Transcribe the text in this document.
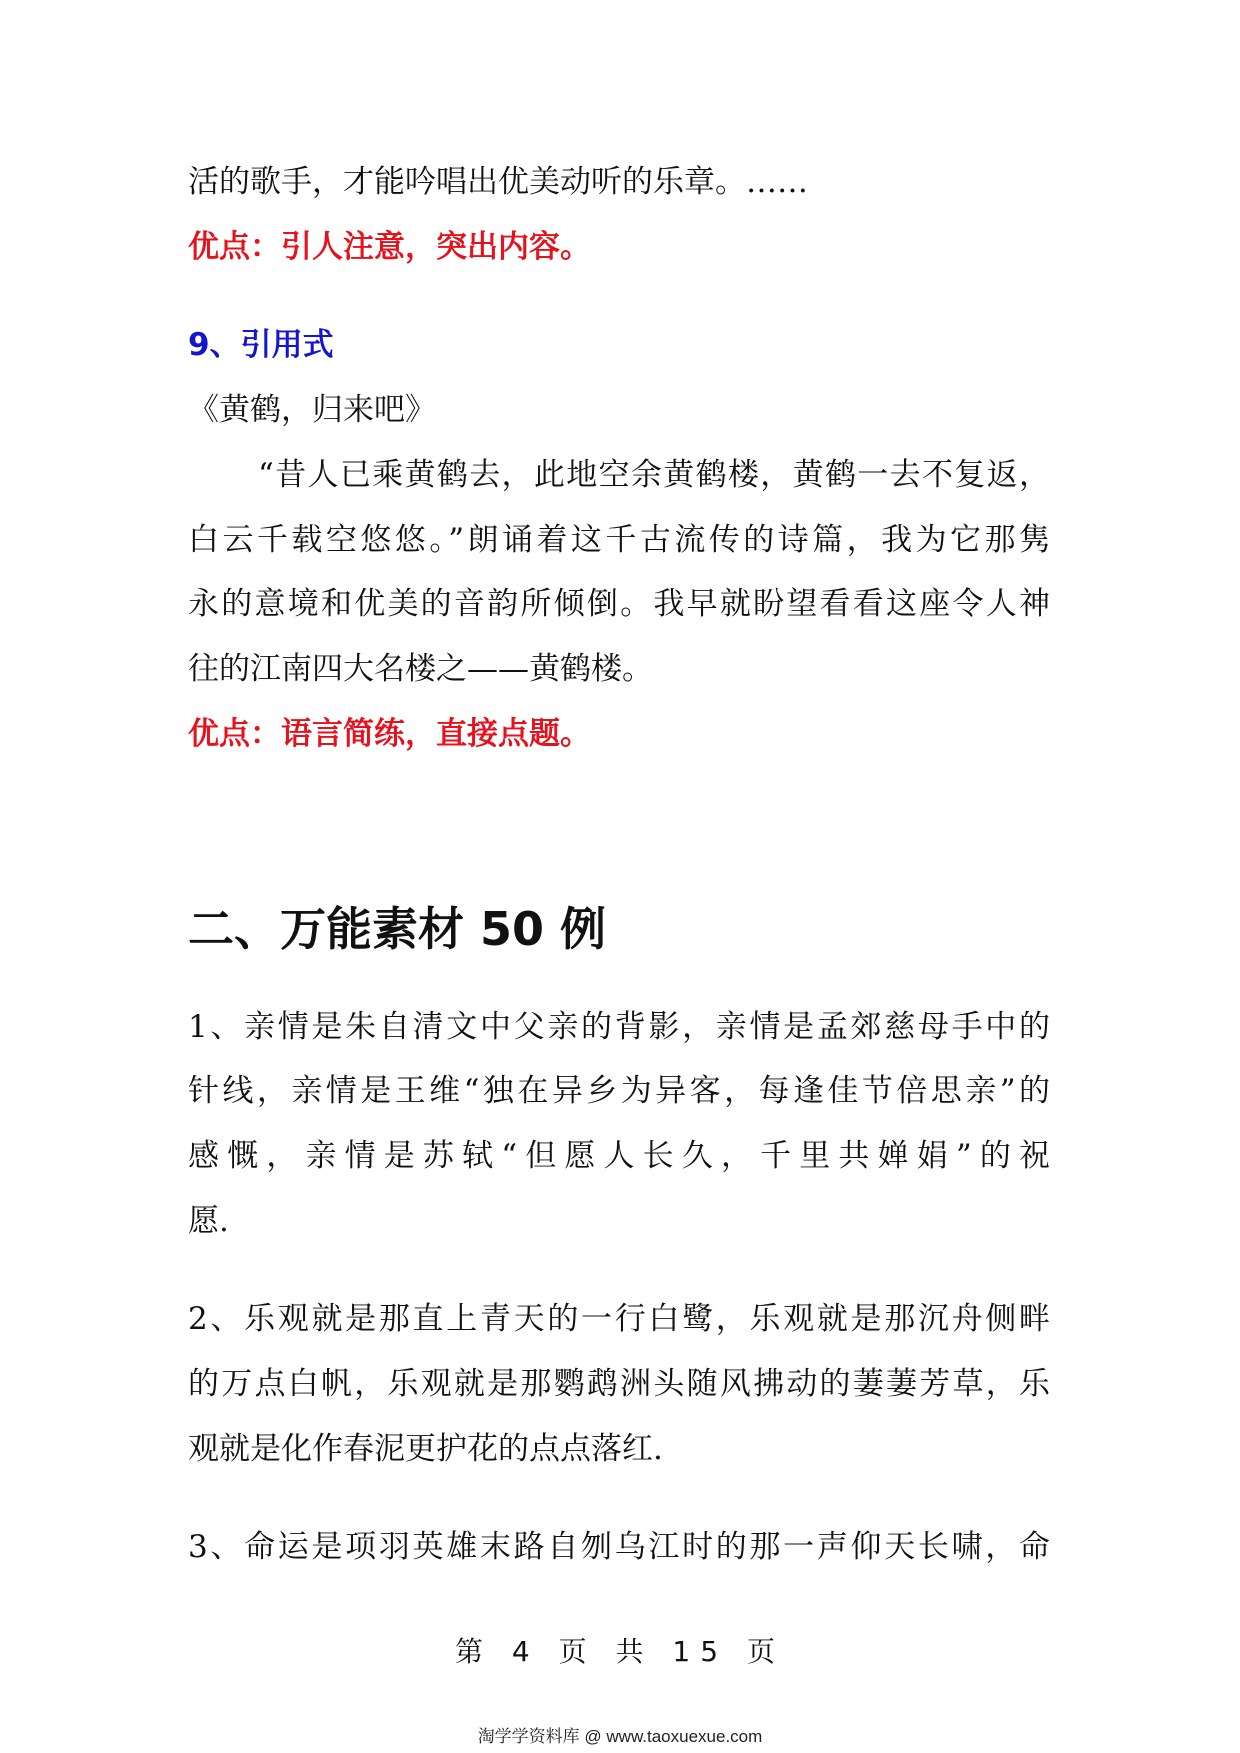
活的歌手，才能吟唱出优美动听的乐章。……
优点：引人注意，突出内容。
9、引用式
《黄鹤，归来吧》
“昔人已乘黄鹤去，此地空余黄鹤楼，黄鹤一去不复返，
白云千载空悠悠。”朗诵着这千古流传的诗篇，我为它那隽
永的意境和优美的音韵所倾倒。我早就盼望看看这座令人神
往的江南四大名楼之——黄鹤楼。
优点：语言简练，直接点题。
二、万能素材 50 例
1、亲情是朱自清文中父亲的背影，亲情是孟郊慈母手中的
针线，亲情是王维“独在异乡为异客，每逢佳节倍思亲”的
感慨，亲情是苏轼“但愿人长久，千里共婵娟”的祝
愿.
2、乐观就是那直上青天的一行白鹭，乐观就是那沉舟侧畔
的万点白帆，乐观就是那鹦鹉洲头随风拂动的萋萋芳草，乐
观就是化作春泥更护花的点点落红.
3、命运是项羽英雄末路自刎乌江时的那一声仰天长啸，命
第 4 页 共 15 页
淘学学资料库 @ www.taoxuexue.com
